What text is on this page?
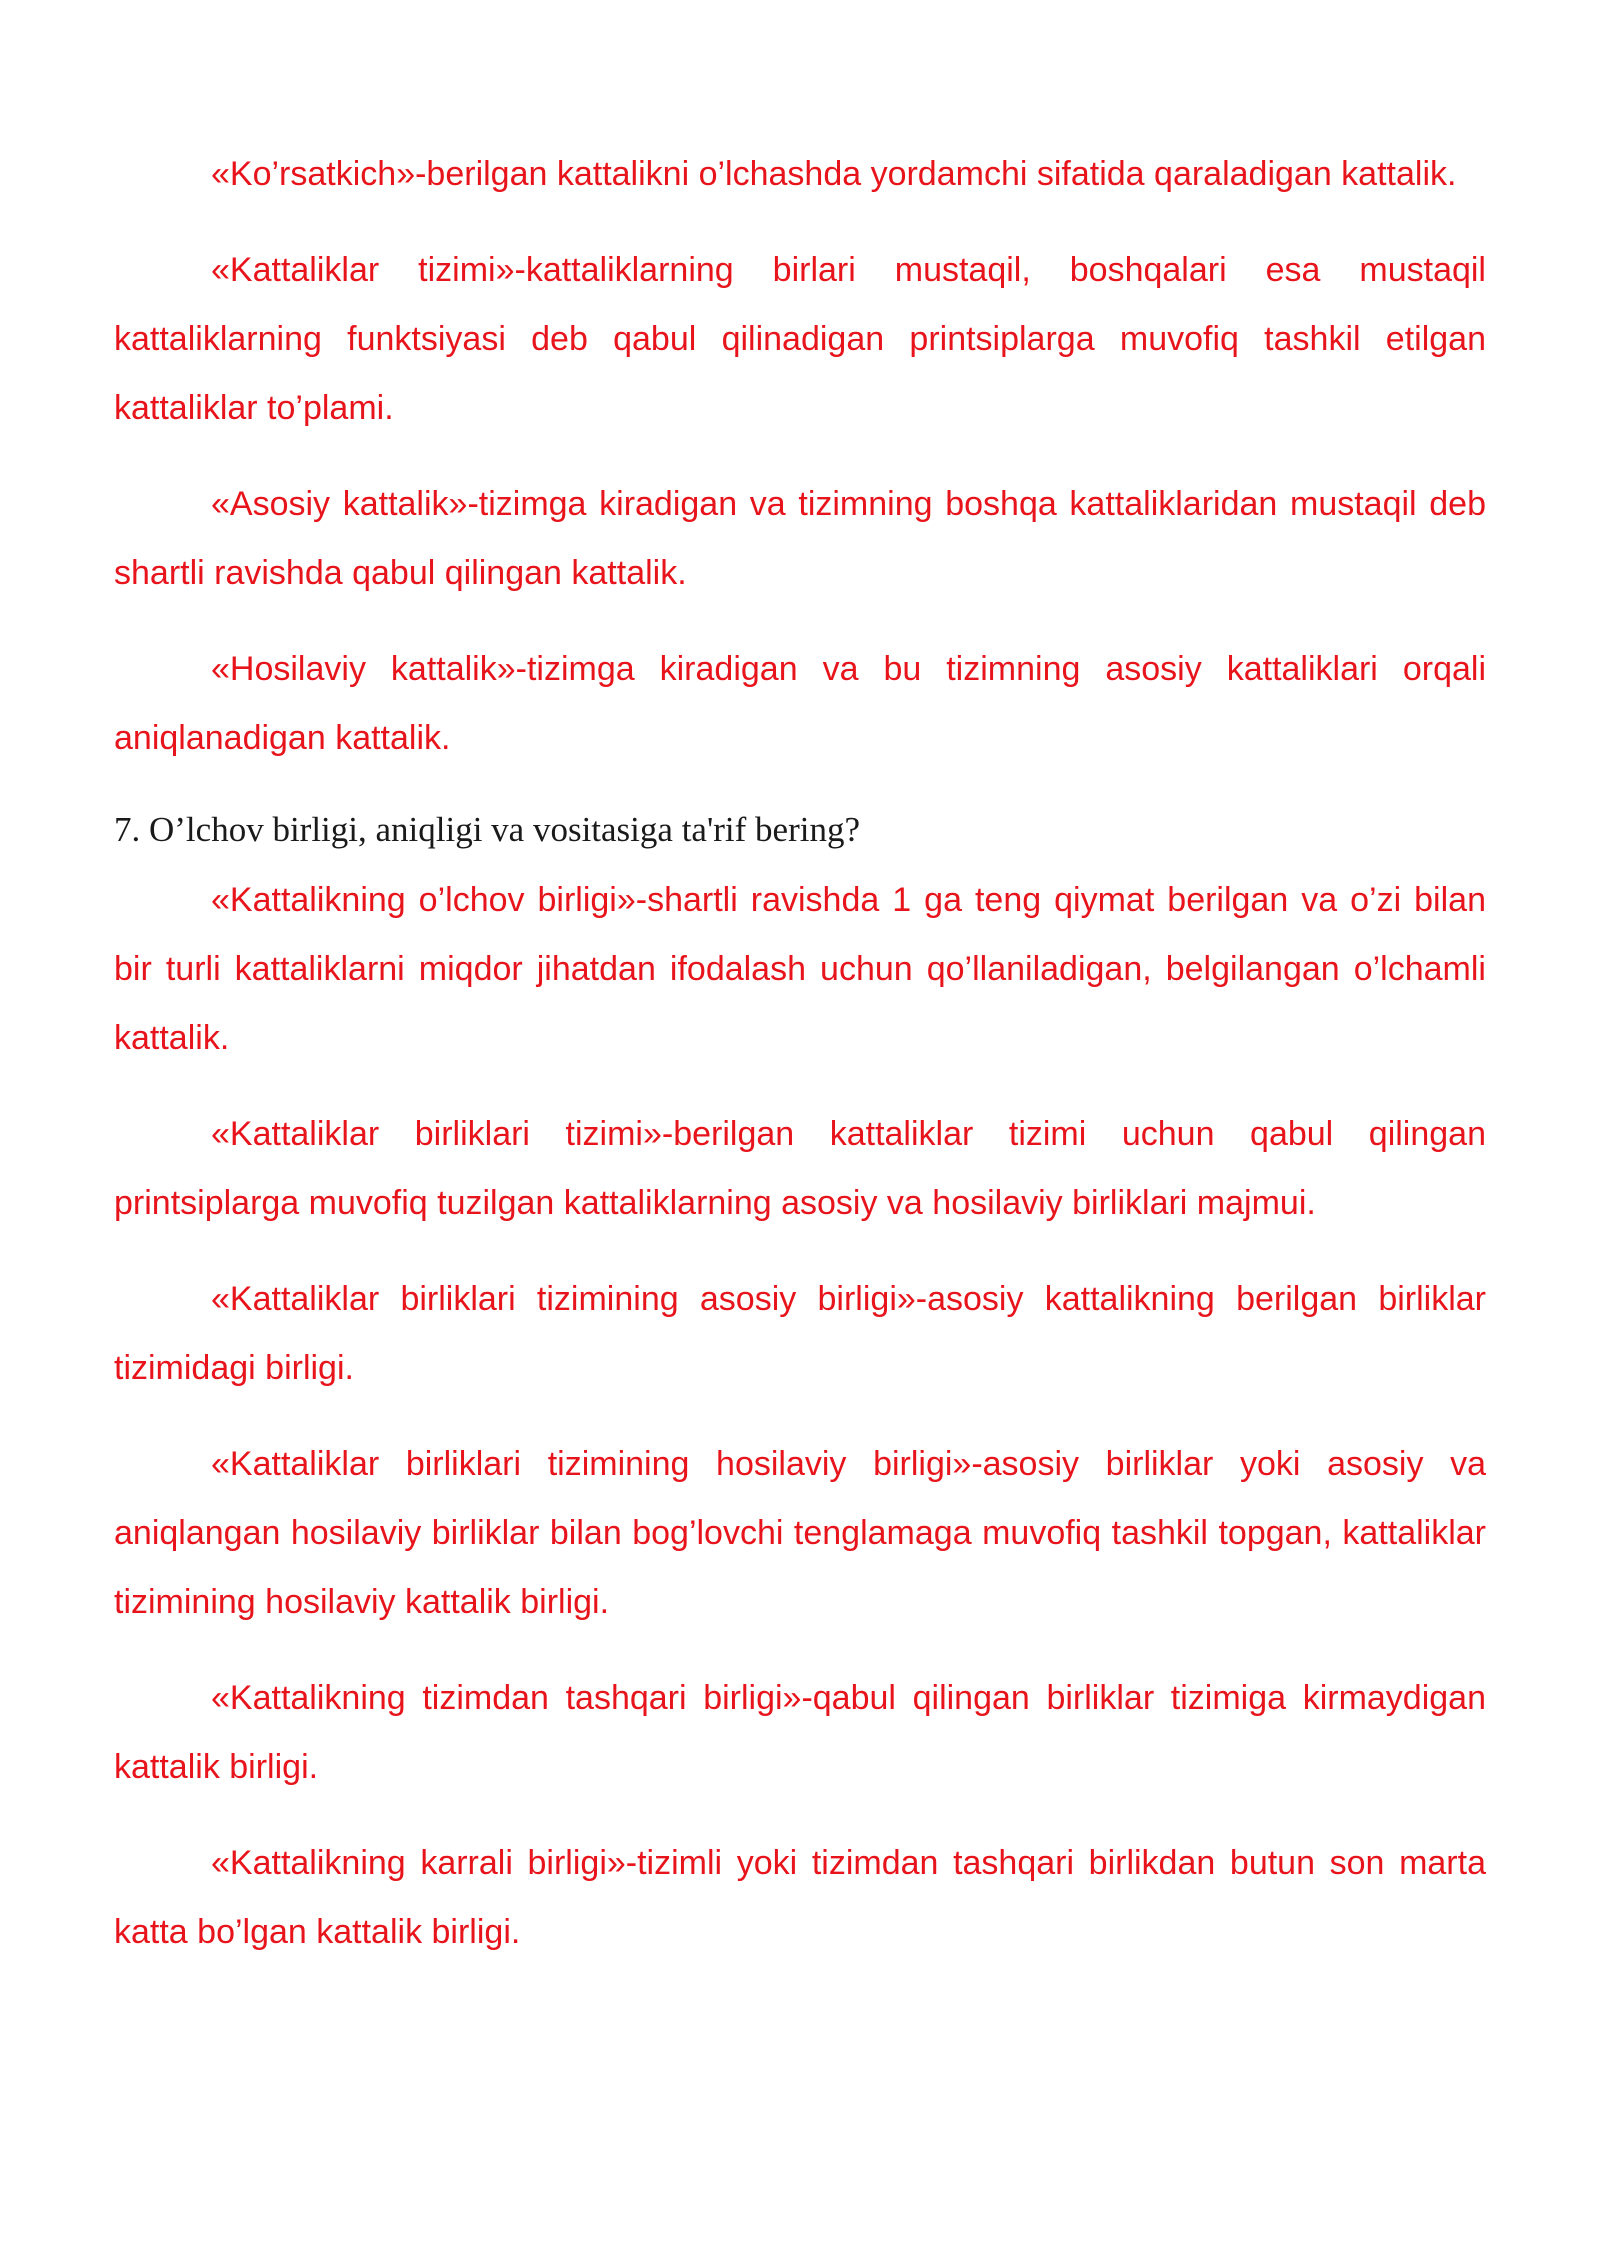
«Ko’rsatkich»-berilgan kattalikni o’lchashda yordamchi sifatida qaraladigan kattalik.

«Kattaliklar tizimi»-kattaliklarning birlari mustaqil, boshqalari esa mustaqil kattaliklarning funktsiyasi deb qabul qilinadigan printsiplarga muvofiq tashkil etilgan kattaliklar to’plami.

«Asosiy kattalik»-tizimga kiradigan va tizimning boshqa kattaliklaridan mustaqil deb shartli ravishda qabul qilingan kattalik.

«Hosilaviy kattalik»-tizimga kiradigan va bu tizimning asosiy kattaliklari orqali aniqlanadigan kattalik.

7. O’lchov birligi, aniqligi va vositasiga ta'rif bering?

«Kattalikning o’lchov birligi»-shartli ravishda 1 ga teng qiymat berilgan va o’zi bilan bir turli kattaliklarni miqdor jihatdan ifodalash uchun qo’llaniladigan, belgilangan o’lchamli kattalik.

«Kattaliklar birliklari tizimi»-berilgan kattaliklar tizimi uchun qabul qilingan printsiplarga muvofiq tuzilgan kattaliklarning asosiy va hosilaviy birliklari majmui.

«Kattaliklar birliklari tizimining asosiy birligi»-asosiy kattalikning berilgan birliklar tizimidagi birligi.

«Kattaliklar birliklari tizimining hosilaviy birligi»-asosiy birliklar yoki asosiy va aniqlangan hosilaviy birliklar bilan bog’lovchi tenglamaga muvofiq tashkil topgan, kattaliklar tizimining hosilaviy kattalik birligi.

«Kattalikning tizimdan tashqari birligi»-qabul qilingan birliklar tizimiga kirmaydigan kattalik birligi.

«Kattalikning karrali birligi»-tizimli yoki tizimdan tashqari birlikdan butun son marta katta bo’lgan kattalik birligi.
